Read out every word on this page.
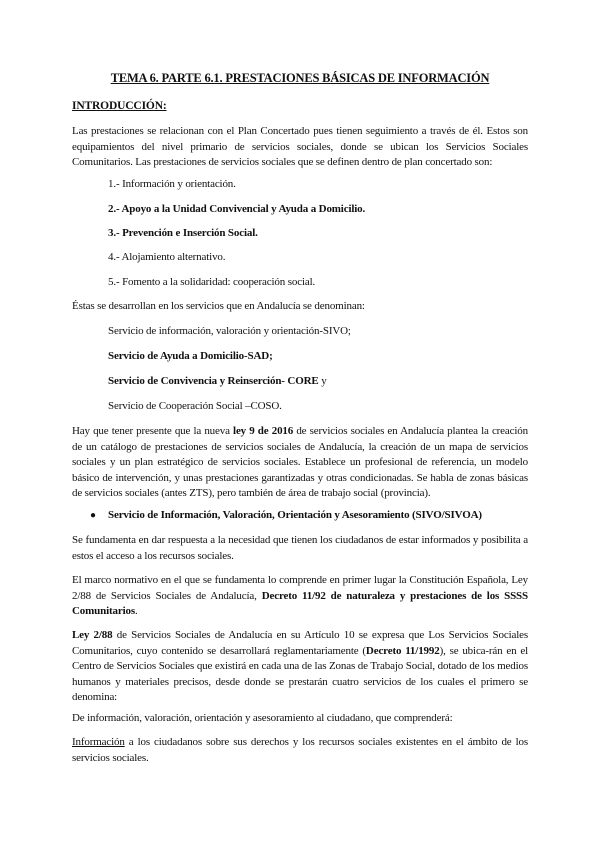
TEMA 6. PARTE 6.1. PRESTACIONES BÁSICAS DE INFORMACIÓN
INTRODUCCIÓN:
Las prestaciones se relacionan con el Plan Concertado pues tienen seguimiento a través de él. Estos son equipamientos del nivel primario de servicios sociales, donde se ubican los Servicios Sociales Comunitarios. Las prestaciones de servicios sociales que se definen dentro de plan concertado son:
1.- Información y orientación.
2.- Apoyo a la Unidad Convivencial y Ayuda a Domicilio.
3.- Prevención e Inserción Social.
4.- Alojamiento alternativo.
5.- Fomento a la solidaridad: cooperación social.
Éstas se desarrollan en los servicios que en Andalucía se denominan:
Servicio de información, valoración y orientación-SIVO;
Servicio de Ayuda a Domicilio-SAD;
Servicio de Convivencia y Reinserción- CORE y
Servicio de Cooperación Social –COSO.
Hay que tener presente que la nueva ley 9 de 2016 de servicios sociales en Andalucía plantea la creación de un catálogo de prestaciones de servicios sociales de Andalucía, la creación de un mapa de servicios sociales y un plan estratégico de servicios sociales. Establece un profesional de referencia, un modelo básico de intervención, y unas prestaciones garantizadas y otras condicionadas. Se habla de zonas básicas de servicios sociales (antes ZTS), pero también de área de trabajo social (provincia).
● Servicio de Información, Valoración, Orientación y Asesoramiento (SIVO/SIVOA)
Se fundamenta en dar respuesta a la necesidad que tienen los ciudadanos de estar informados y posibilita a estos el acceso a los recursos sociales.
El marco normativo en el que se fundamenta lo comprende en primer lugar la Constitución Española, Ley 2/88 de Servicios Sociales de Andalucía, Decreto 11/92 de naturaleza y prestaciones de los SSSS Comunitarios.
Ley 2/88 de Servicios Sociales de Andalucía en su Artículo 10 se expresa que Los Servicios Sociales Comunitarios, cuyo contenido se desarrollará reglamentariamente (Decreto 11/1992), se ubica-rán en el Centro de Servicios Sociales que existirá en cada una de las Zonas de Trabajo Social, dotado de los medios humanos y materiales precisos, desde donde se prestarán cuatro servicios de los cuales el primero se denomina:
De información, valoración, orientación y asesoramiento al ciudadano, que comprenderá:
Información a los ciudadanos sobre sus derechos y los recursos sociales existentes en el ámbito de los servicios sociales.
